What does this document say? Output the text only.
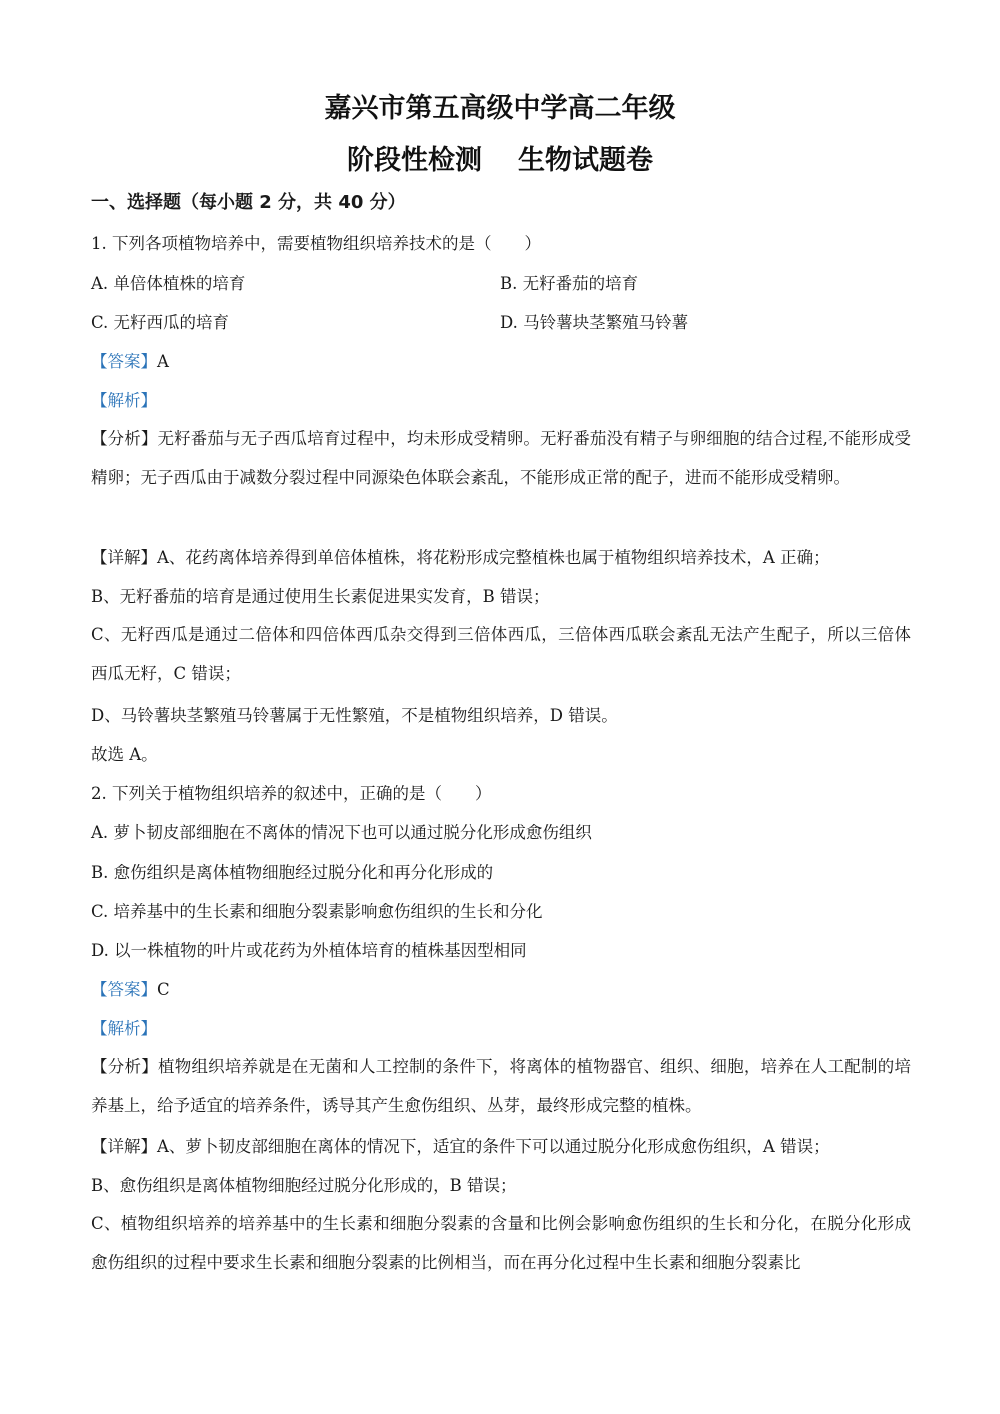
嘉兴市第五高级中学高二年级
阶段性检测 生物试题卷
一、选择题（每小题 2 分，共 40 分）
1. 下列各项植物培养中，需要植物组织培养技术的是（　　）
A. 单倍体植株的培育	B. 无籽番茄的培育
C. 无籽西瓜的培育	D. 马铃薯块茎繁殖马铃薯
【答案】A
【解析】
【分析】无籽番茄与无子西瓜培育过程中，均未形成受精卵。无籽番茄没有精子与卵细胞的结合过程,不能形成受精卵；无子西瓜由于减数分裂过程中同源染色体联会紊乱，不能形成正常的配子，进而不能形成受精卵。
【详解】A、花药离体培养得到单倍体植株，将花粉形成完整植株也属于植物组织培养技术，A 正确；
B、无籽番茄的培育是通过使用生长素促进果实发育，B 错误；
C、无籽西瓜是通过二倍体和四倍体西瓜杂交得到三倍体西瓜，三倍体西瓜联会紊乱无法产生配子，所以三倍体西瓜无籽，C 错误；
D、马铃薯块茎繁殖马铃薯属于无性繁殖，不是植物组织培养，D 错误。
故选 A。
2. 下列关于植物组织培养的叙述中，正确的是（　　）
A. 萝卜韧皮部细胞在不离体的情况下也可以通过脱分化形成愈伤组织
B. 愈伤组织是离体植物细胞经过脱分化和再分化形成的
C. 培养基中的生长素和细胞分裂素影响愈伤组织的生长和分化
D. 以一株植物的叶片或花药为外植体培育的植株基因型相同
【答案】C
【解析】
【分析】植物组织培养就是在无菌和人工控制的条件下，将离体的植物器官、组织、细胞，培养在人工配制的培养基上，给予适宜的培养条件，诱导其产生愈伤组织、丛芽，最终形成完整的植株。
【详解】A、萝卜韧皮部细胞在离体的情况下，适宜的条件下可以通过脱分化形成愈伤组织，A 错误；
B、愈伤组织是离体植物细胞经过脱分化形成的，B 错误；
C、植物组织培养的培养基中的生长素和细胞分裂素的含量和比例会影响愈伤组织的生长和分化，在脱分化形成愈伤组织的过程中要求生长素和细胞分裂素的比例相当，而在再分化过程中生长素和细胞分裂素比
